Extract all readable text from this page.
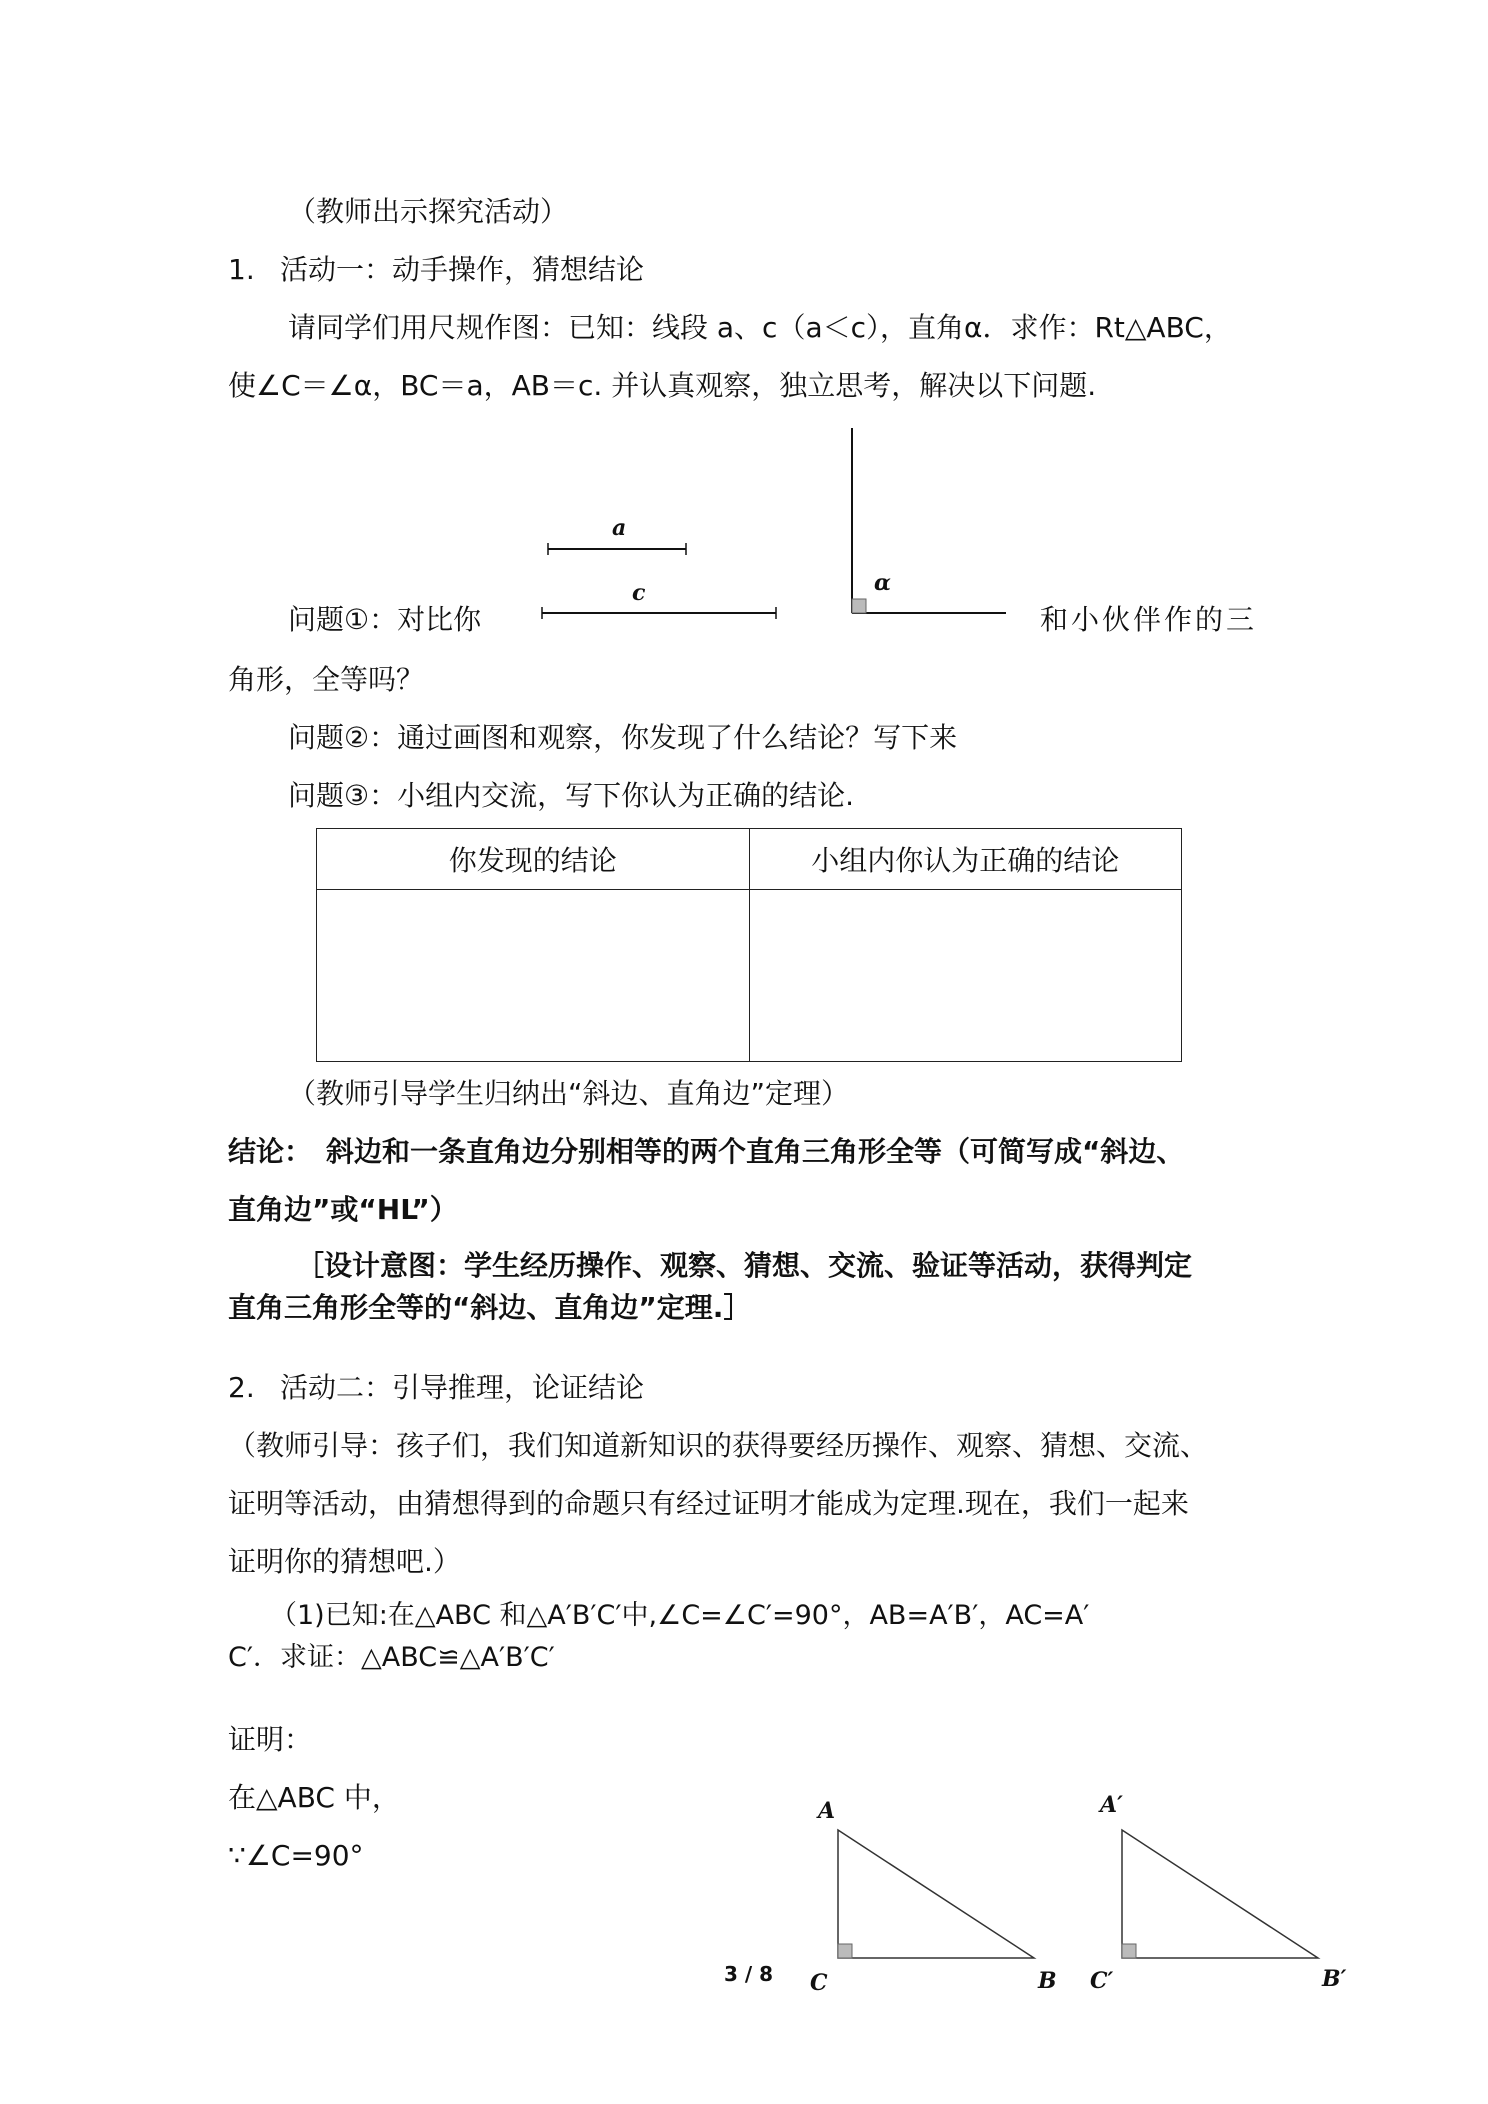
（教师出示探究活动）
1. 活动一：动手操作，猜想结论
请同学们用尺规作图：已知：线段 a、c（a＜c），直角α．求作：Rt△ABC，
使∠C＝∠α，BC＝a，AB＝c. 并认真观察，独立思考，解决以下问题.
问题①：对比你	和小伙伴作的三
角形，全等吗？
问题②：通过画图和观察，你发现了什么结论？写下来
问题③：小组内交流，写下你认为正确的结论.
你发现的结论	小组内你认为正确的结论

（教师引导学生归纳出“斜边、直角边”定理）
结论：　斜边和一条直角边分别相等的两个直角三角形全等（可简写成“斜边、
直角边”或“HL”）
［设计意图：学生经历操作、观察、猜想、交流、验证等活动，获得判定
直角三角形全等的“斜边、直角边”定理.］
2. 活动二：引导推理，论证结论
（教师引导：孩子们，我们知道新知识的获得要经历操作、观察、猜想、交流、
证明等活动，由猜想得到的命题只有经过证明才能成为定理.现在，我们一起来
证明你的猜想吧.）
（1)已知:在△ABC 和△A′B′C′中,∠C=∠C′=90°，AB=A′B′，AC=A′
C′．求证：△ABC≌△A′B′C′
证明：
在△ABC 中，
∵∠C=90°
a
c	α
A
C	B
A′
C′	B′
3 / 8
